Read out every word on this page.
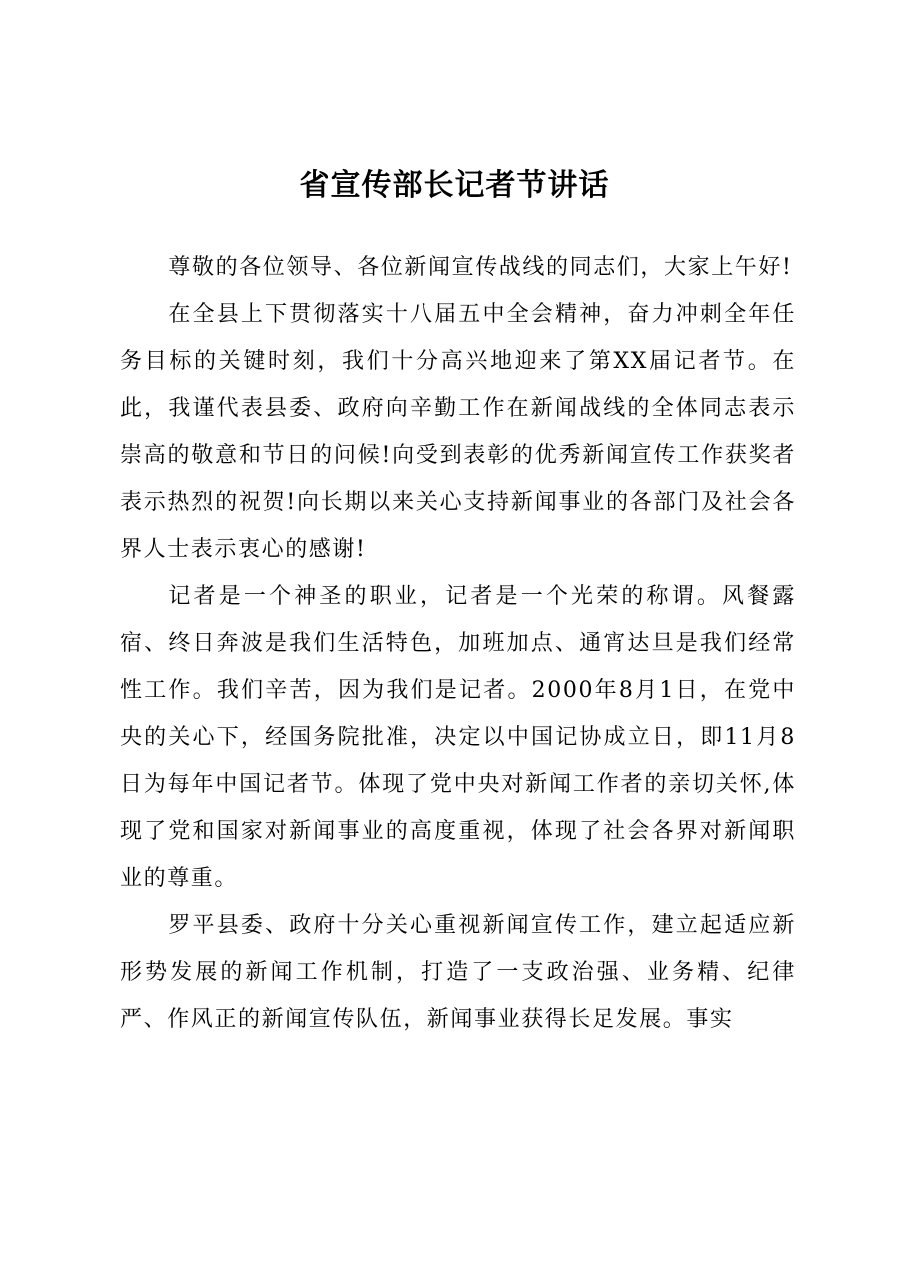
省宣传部长记者节讲话

尊敬的各位领导、各位新闻宣传战线的同志们，大家上午好!

在全县上下贯彻落实十八届五中全会精神，奋力冲刺全年任务目标的关键时刻，我们十分高兴地迎来了第XX届记者节。在此，我谨代表县委、政府向辛勤工作在新闻战线的全体同志表示崇高的敬意和节日的问候!向受到表彰的优秀新闻宣传工作获奖者表示热烈的祝贺!向长期以来关心支持新闻事业的各部门及社会各界人士表示衷心的感谢!

记者是一个神圣的职业，记者是一个光荣的称谓。风餐露宿、终日奔波是我们生活特色，加班加点、通宵达旦是我们经常性工作。我们辛苦，因为我们是记者。2000年8月1日，在党中央的关心下，经国务院批准，决定以中国记协成立日，即11月8日为每年中国记者节。体现了党中央对新闻工作者的亲切关怀,体现了党和国家对新闻事业的高度重视，体现了社会各界对新闻职业的尊重。

罗平县委、政府十分关心重视新闻宣传工作，建立起适应新形势发展的新闻工作机制，打造了一支政治强、业务精、纪律严、作风正的新闻宣传队伍，新闻事业获得长足发展。事实
